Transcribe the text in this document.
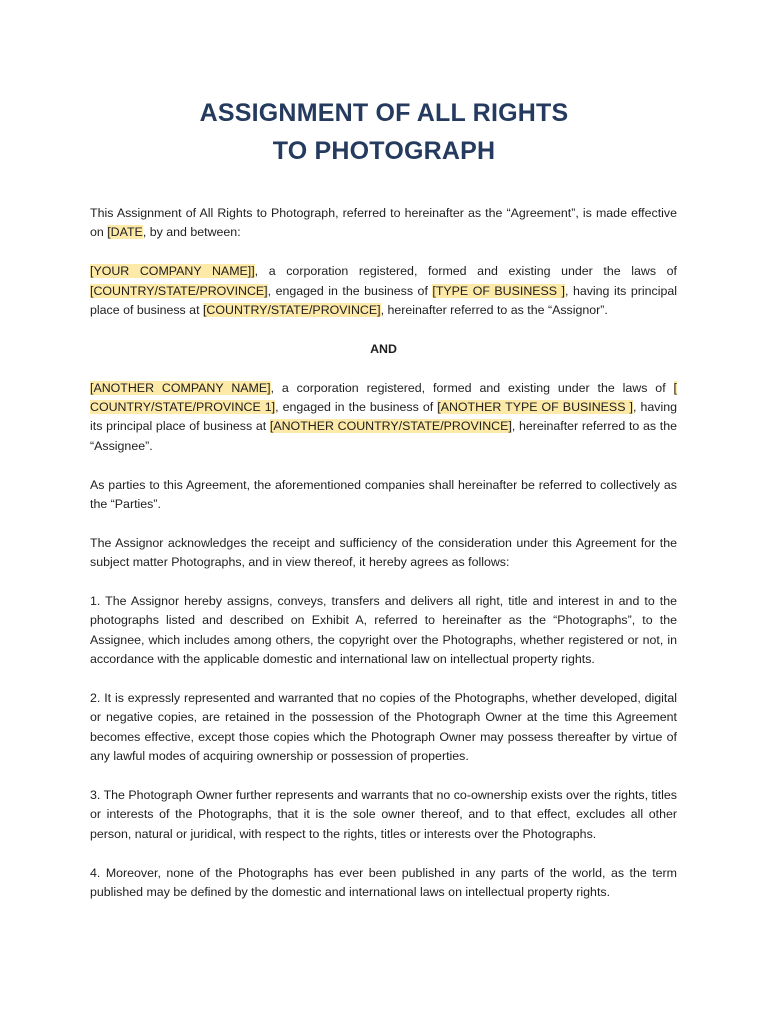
ASSIGNMENT OF ALL RIGHTS
TO PHOTOGRAPH

This Assignment of All Rights to Photograph, referred to hereinafter as the “Agreement”, is made effective on [DATE, by and between:

[YOUR COMPANY NAME]], a corporation registered, formed and existing under the laws of [COUNTRY/STATE/PROVINCE], engaged in the business of [TYPE OF BUSINESS ], having its principal place of business at [COUNTRY/STATE/PROVINCE], hereinafter referred to as the “Assignor”.

AND

[ANOTHER COMPANY NAME], a corporation registered, formed and existing under the laws of [ COUNTRY/STATE/PROVINCE 1], engaged in the business of [ANOTHER TYPE OF BUSINESS ], having its principal place of business at [ANOTHER COUNTRY/STATE/PROVINCE], hereinafter referred to as the “Assignee”.

As parties to this Agreement, the aforementioned companies shall hereinafter be referred to collectively as the “Parties”.

The Assignor acknowledges the receipt and sufficiency of the consideration under this Agreement for the subject matter Photographs, and in view thereof, it hereby agrees as follows:

1. The Assignor hereby assigns, conveys, transfers and delivers all right, title and interest in and to the photographs listed and described on Exhibit A, referred to hereinafter as the “Photographs”, to the Assignee, which includes among others, the copyright over the Photographs, whether registered or not, in accordance with the applicable domestic and international law on intellectual property rights.

2. It is expressly represented and warranted that no copies of the Photographs, whether developed, digital or negative copies, are retained in the possession of the Photograph Owner at the time this Agreement becomes effective, except those copies which the Photograph Owner may possess thereafter by virtue of any lawful modes of acquiring ownership or possession of properties.

3. The Photograph Owner further represents and warrants that no co-ownership exists over the rights, titles or interests of the Photographs, that it is the sole owner thereof, and to that effect, excludes all other person, natural or juridical, with respect to the rights, titles or interests over the Photographs.

4. Moreover, none of the Photographs has ever been published in any parts of the world, as the term published may be defined by the domestic and international laws on intellectual property rights.
